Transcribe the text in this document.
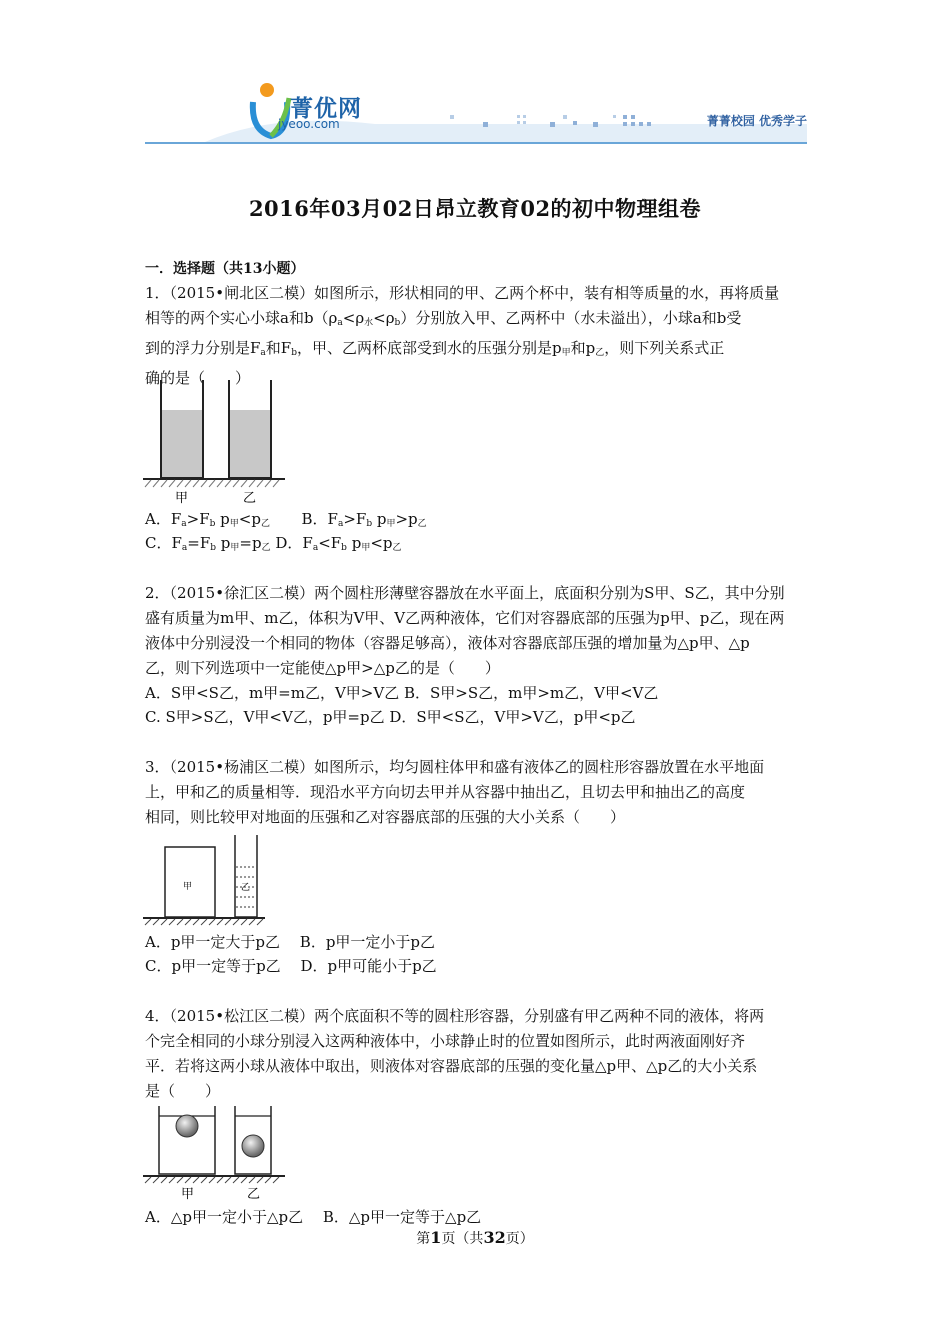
菁优网
jyeoo.com	菁菁校园 优秀学子
2016年03月02日昂立教育02的初中物理组卷
一．选择题（共13小题）
1．（2015•闸北区二模）如图所示，形状相同的甲、乙两个杯中，装有相等质量的水，再将质量
相等的两个实心小球a和$b(\rho_a<\rho_水<\rho_b)$分别放入甲、乙两杯中（水未溢出），小球a和b受
到的浮力分别是$F_a$和$F_b$，甲、乙两杯底部受到水的压强分别是$p_甲$和$p_乙$，则下列关系式正
确的是（　　）
甲	乙
A．$F_a>F_b$ $p_甲<p_乙$ B．$F_a>F_b$ $p_甲>p_乙$
C．$F_a=F_b$ $p_甲=p_乙$ D．$F_a<F_b$ $p_甲<p_乙$
2．（2015•徐汇区二模）两个圆柱形薄壁容器放在水平面上，底面积分别为S甲、S乙，其中分别
盛有质量为m甲、m乙，体积为V甲、V乙两种液体，它们对容器底部的压强为p甲、p乙，现在两
液体中分别浸没一个相同的物体（容器足够高），液体对容器底部压强的增加量为△p甲、△p
乙，则下列选项中一定能使△p甲>△p乙的是（　　）
A．S甲<S乙，m甲=m乙，V甲>V乙 B．S甲>S乙，m甲>m乙，V甲<V乙
C. S甲>S乙，V甲<V乙，p甲=p乙 D．S甲<S乙，V甲>V乙，p甲<p乙
3．（2015•杨浦区二模）如图所示，均匀圆柱体甲和盛有液体乙的圆柱形容器放置在水平地面
上，甲和乙的质量相等．现沿水平方向切去甲并从容器中抽出乙，且切去甲和抽出乙的高度
相同，则比较甲对地面的压强和乙对容器底部的压强的大小关系（　　）
甲	乙
A．p甲一定大于p乙　 B．p甲一定小于p乙
C．p甲一定等于p乙　 D．p甲可能小于p乙
4．（2015•松江区二模）两个底面积不等的圆柱形容器，分别盛有甲乙两种不同的液体，将两
个完全相同的小球分别浸入这两种液体中，小球静止时的位置如图所示，此时两液面刚好齐
平．若将这两小球从液体中取出，则液体对容器底部的压强的变化量△p甲、△p乙的大小关系
是（　　）
甲	乙
A．△p甲一定小于△p乙　 B．△p甲一定等于△p乙
第1页（共32页）
